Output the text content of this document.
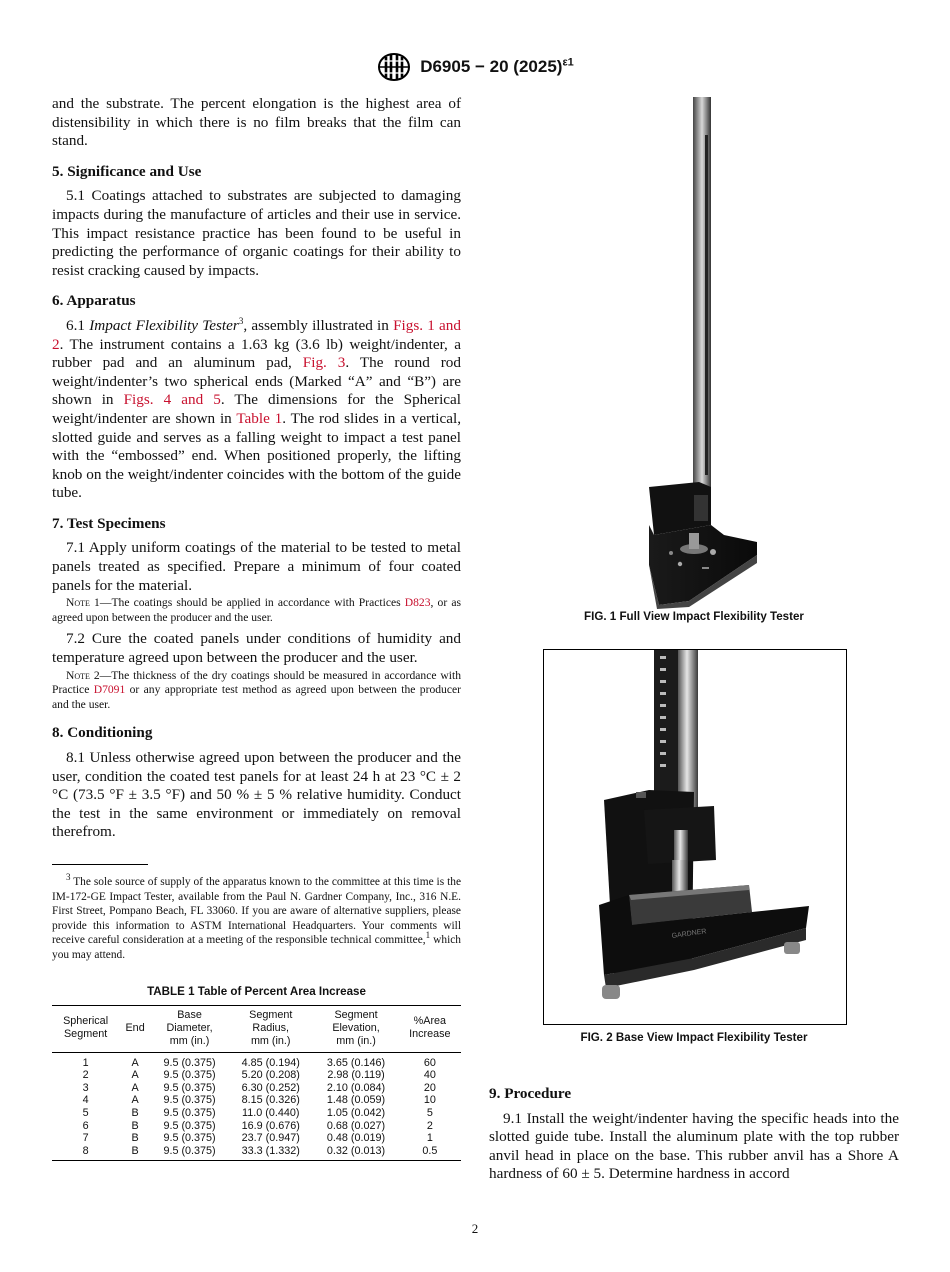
D6905 − 20 $(2025)^{\varepsilon 1}$

and the substrate. The percent elongation is the highest area of distensibility in which there is no film breaks that the film can stand.

5. Significance and Use

5.1 Coatings attached to substrates are subjected to damaging impacts during the manufacture of articles and their use in service. This impact resistance practice has been found to be useful in predicting the performance of organic coatings for their ability to resist cracking caused by impacts.

6. Apparatus

6.1 Impact Flexibility Tester$^3$, assembly illustrated in Figs. 1 and 2. The instrument contains a 1.63 kg (3.6 lb) weight/indenter, a rubber pad and an aluminum pad, Fig. 3. The round rod weight/indenter’s two spherical ends (Marked “A” and “B”) are shown in Figs. 4 and 5. The dimensions for the Spherical weight/indenter are shown in Table 1. The rod slides in a vertical, slotted guide and serves as a falling weight to impact a test panel with the “embossed” end. When positioned properly, the lifting knob on the weight/indenter coincides with the bottom of the guide tube.

7. Test Specimens

7.1 Apply uniform coatings of the material to be tested to metal panels treated as specified. Prepare a minimum of four coated panels for the material.

Note 1—The coatings should be applied in accordance with Practices D823, or as agreed upon between the producer and the user.

7.2 Cure the coated panels under conditions of humidity and temperature agreed upon between the producer and the user.

Note 2—The thickness of the dry coatings should be measured in accordance with Practice D7091 or any appropriate test method as agreed upon between the producer and the user.

8. Conditioning

8.1 Unless otherwise agreed upon between the producer and the user, condition the coated test panels for at least 24 h at 23 °C ± 2 °C (73.5 °F ± 3.5 °F) and 50 % ± 5 % relative humidity. Conduct the test in the same environment or immediately on removal therefrom.

$^3$ The sole source of supply of the apparatus known to the committee at this time is the IM-172-GE Impact Tester, available from the Paul N. Gardner Company, Inc., 316 N.E. First Street, Pompano Beach, FL 33060. If you are aware of alternative suppliers, please provide this information to ASTM International Headquarters. Your comments will receive careful consideration at a meeting of the responsible technical committee,$^1$ which you may attend.

TABLE 1 Table of Percent Area Increase
Spherical
Segment	End	Base
Diameter,
mm (in.)	Segment
Radius,
mm (in.)	Segment
Elevation,
mm (in.)	%Area
Increase
1	A	9.5 (0.375)	4.85 (0.194)	3.65 (0.146)	60
2	A	9.5 (0.375)	5.20 (0.208)	2.98 (0.119)	40
3	A	9.5 (0.375)	6.30 (0.252)	2.10 (0.084)	20
4	A	9.5 (0.375)	8.15 (0.326)	1.48 (0.059)	10
5	B	9.5 (0.375)	11.0 (0.440)	1.05 (0.042)	5
6	B	9.5 (0.375)	16.9 (0.676)	0.68 (0.027)	2
7	B	9.5 (0.375)	23.7 (0.947)	0.48 (0.019)	1
8	B	9.5 (0.375)	33.3 (1.332)	0.32 (0.013)	0.5
FIG. 1 Full View Impact Flexibility Tester
GARDNER
FIG. 2 Base View Impact Flexibility Tester
9. Procedure

9.1 Install the weight/indenter having the specific heads into the slotted guide tube. Install the aluminum plate with the top rubber anvil head in place on the base. This rubber anvil has a Shore A hardness of 60 ± 5. Determine hardness in accord

2
